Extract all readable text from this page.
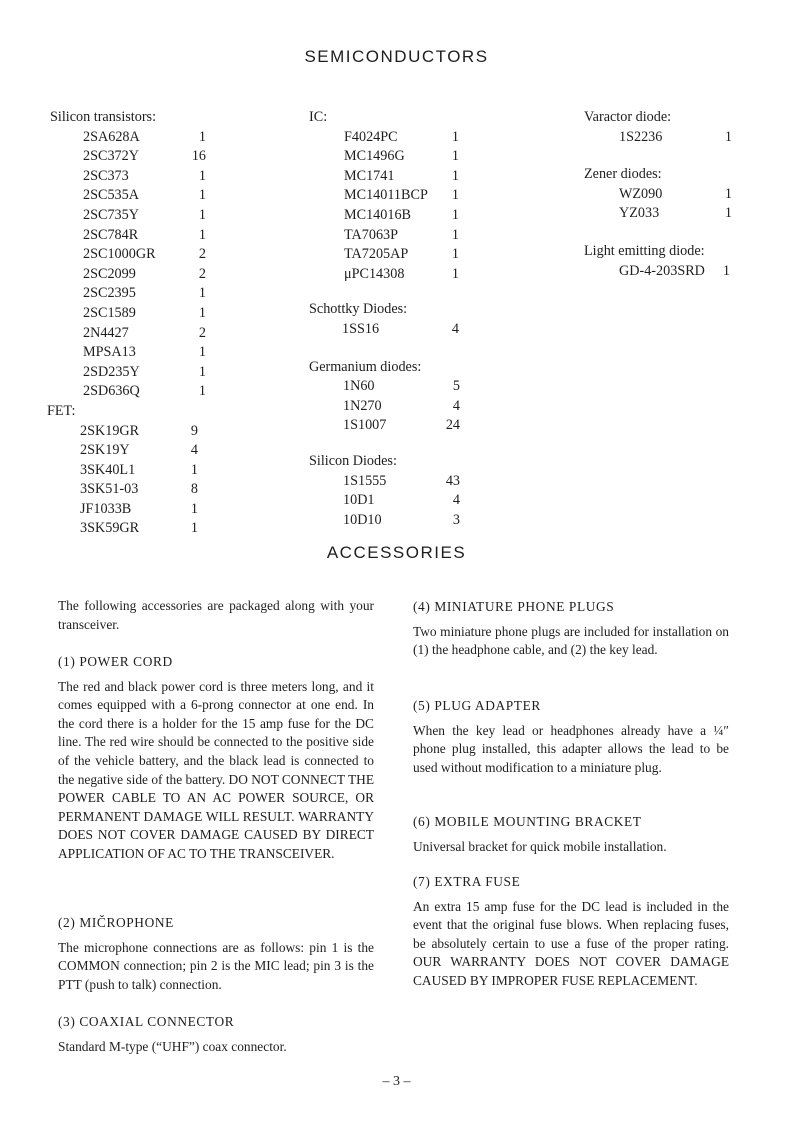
SEMICONDUCTORS
ACCESSORIES
Silicon transistors:
2SA628A	1
2SC372Y	16
2SC373	1
2SC535A	1
2SC735Y	1
2SC784R	1
2SC1000GR	2
2SC2099	2
2SC2395	1
2SC1589	1
2N4427	2
MPSA13	1
2SD235Y	1
2SD636Q	1
FET:
2SK19GR	9
2SK19Y	4
3SK40L1	1
3SK51-03	8
JF1033B	1
3SK59GR	1
IC:
F4024PC	1
MC1496G	1
MC1741	1
MC14011BCP	1
MC14016B	1
TA7063P	1
TA7205AP	1
μPC14308	1
Schottky Diodes:
1SS16	4
Germanium diodes:
1N60	5
1N270	4
1S1007	24
Silicon Diodes:
1S1555	43
10D1	4
10D10	3
Varactor diode:
1S2236	1
Zener diodes:
WZ090	1
YZ033	1
Light emitting diode:
GD-4-203SRD	1

The following accessories are packaged along with your transceiver.

(1) POWER CORD

The red and black power cord is three meters long, and it comes equipped with a 6-prong connector at one end. In the cord there is a holder for the 15 amp fuse for the DC line. The red wire should be connected to the positive side of the vehicle battery, and the black lead is connected to the negative side of the battery. DO NOT CONNECT THE POWER CABLE TO AN AC POWER SOURCE, OR PERMANENT DAMAGE WILL RESULT. WARRANTY DOES NOT COVER DAMAGE CAUSED BY DIRECT APPLICATION OF AC TO THE TRANSCEIVER.

(2) MIČROPHONE

The microphone connections are as follows: pin 1 is the COMMON connection; pin 2 is the MIC lead; pin 3 is the PTT (push to talk) connection.

(3) COAXIAL CONNECTOR

Standard M-type (“UHF”) coax connector.

(4) MINIATURE PHONE PLUGS

Two miniature phone plugs are included for installation on (1) the headphone cable, and (2) the key lead.

(5) PLUG ADAPTER

When the key lead or headphones already have a ¼″ phone plug installed, this adapter allows the lead to be used without modification to a miniature plug.

(6) MOBILE MOUNTING BRACKET

Universal bracket for quick mobile installation.

(7) EXTRA FUSE

An extra 15 amp fuse for the DC lead is included in the event that the original fuse blows. When replacing fuses, be absolutely certain to use a fuse of the proper rating. OUR WARRANTY DOES NOT COVER DAMAGE CAUSED BY IMPROPER FUSE REPLACEMENT.

– 3 –
